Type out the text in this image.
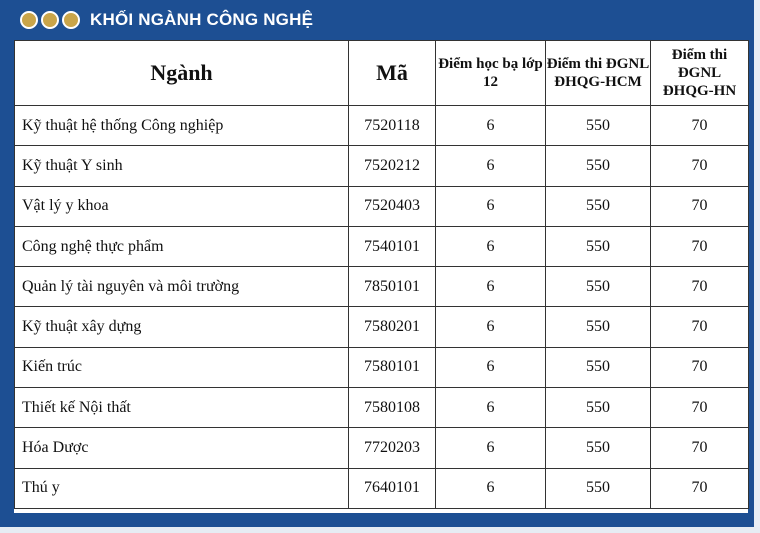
KHỐI NGÀNH CÔNG NGHỆ
Ngành	Mã	Điểm học bạ lớp 12	Điểm thi ĐGNL ĐHQG-HCM	Điểm thi ĐGNL ĐHQG-HN
Kỹ thuật hệ thống Công nghiệp	7520118	6	550	70
Kỹ thuật Y sinh	7520212	6	550	70
Vật lý y khoa	7520403	6	550	70
Công nghệ thực phẩm	7540101	6	550	70
Quản lý tài nguyên và môi trường	7850101	6	550	70
Kỹ thuật xây dựng	7580201	6	550	70
Kiến trúc	7580101	6	550	70
Thiết kế Nội thất	7580108	6	550	70
Hóa Dược	7720203	6	550	70
Thú y	7640101	6	550	70
